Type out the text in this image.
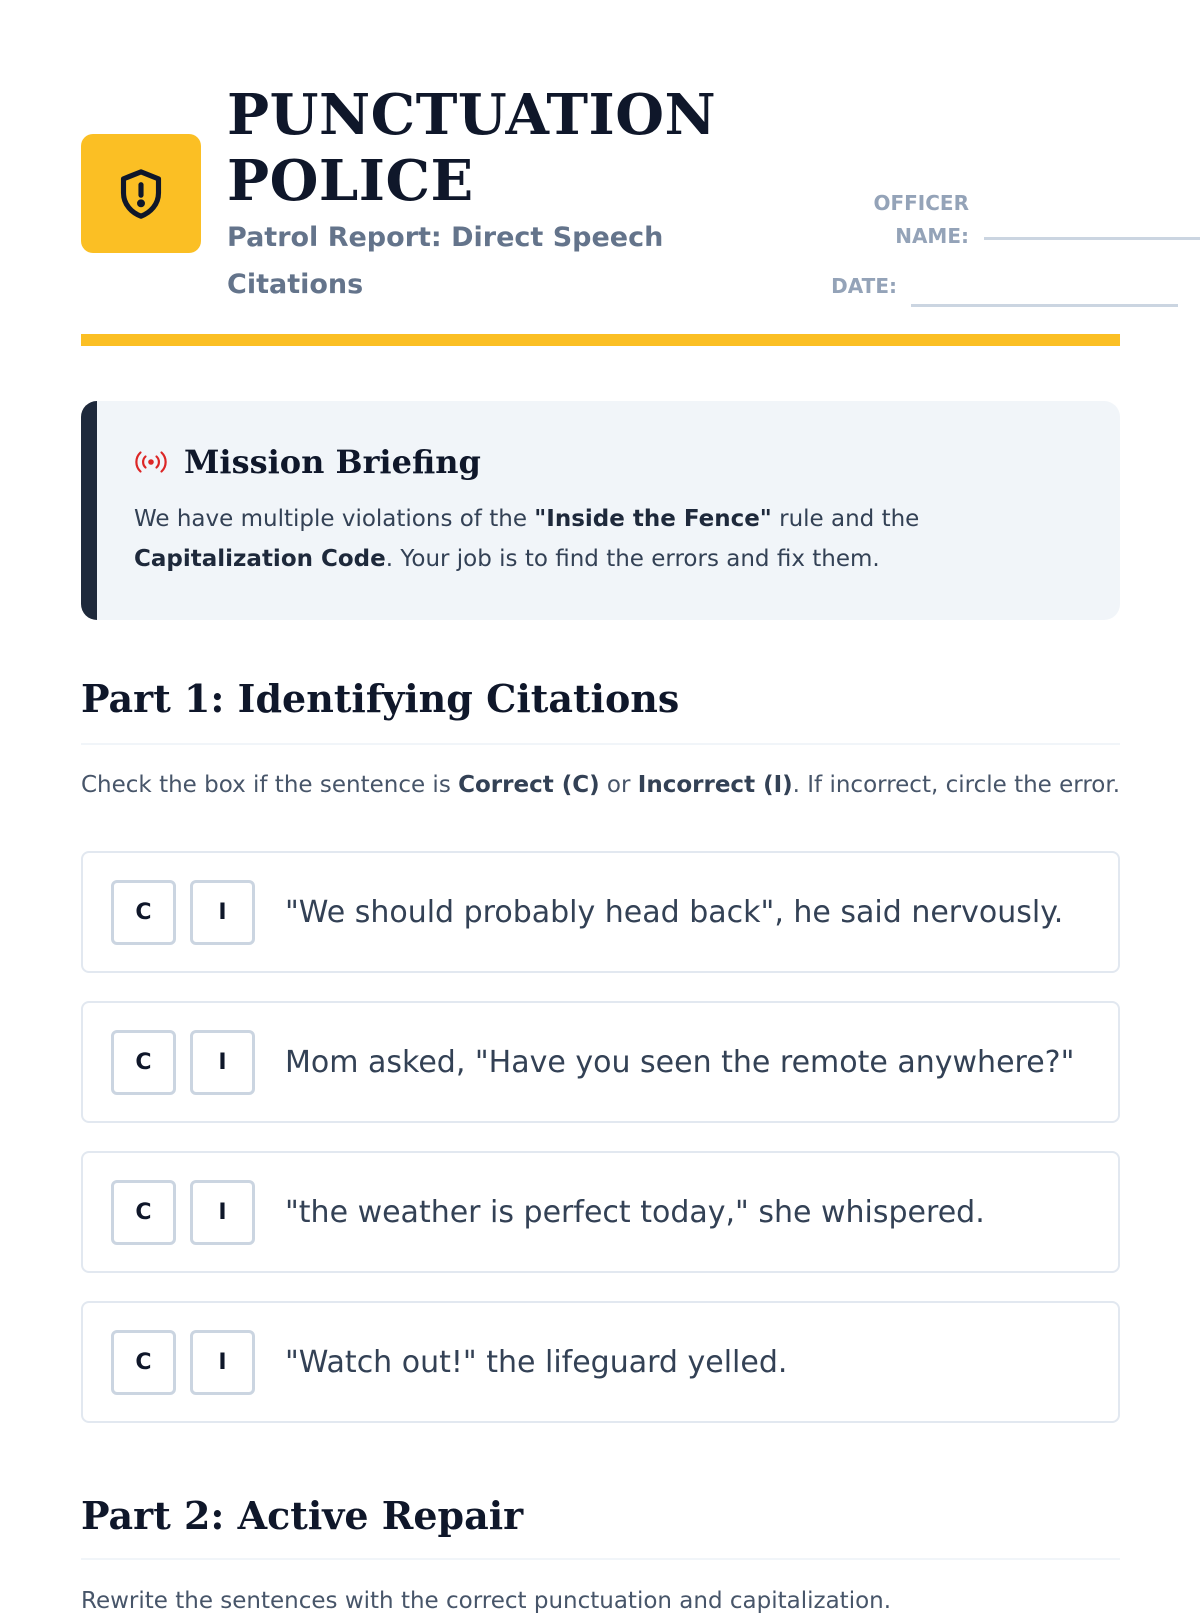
PUNCTUATION
POLICE
Patrol Report: Direct Speech Citations
OFFICER
NAME:
DATE:
Mission Briefing
We have multiple violations of the "Inside the Fence" rule and the Capitalization Code. Your job is to find the errors and fix them.
Part 1: Identifying Citations
Check the box if the sentence is Correct (C) or Incorrect (I). If incorrect, circle the error.
C	I	"We should probably head back", he said nervously.
C	I	Mom asked, "Have you seen the remote anywhere?"
C	I	"the weather is perfect today," she whispered.
C	I	"Watch out!" the lifeguard yelled.
Part 2: Active Repair
Rewrite the sentences with the correct punctuation and capitalization.
